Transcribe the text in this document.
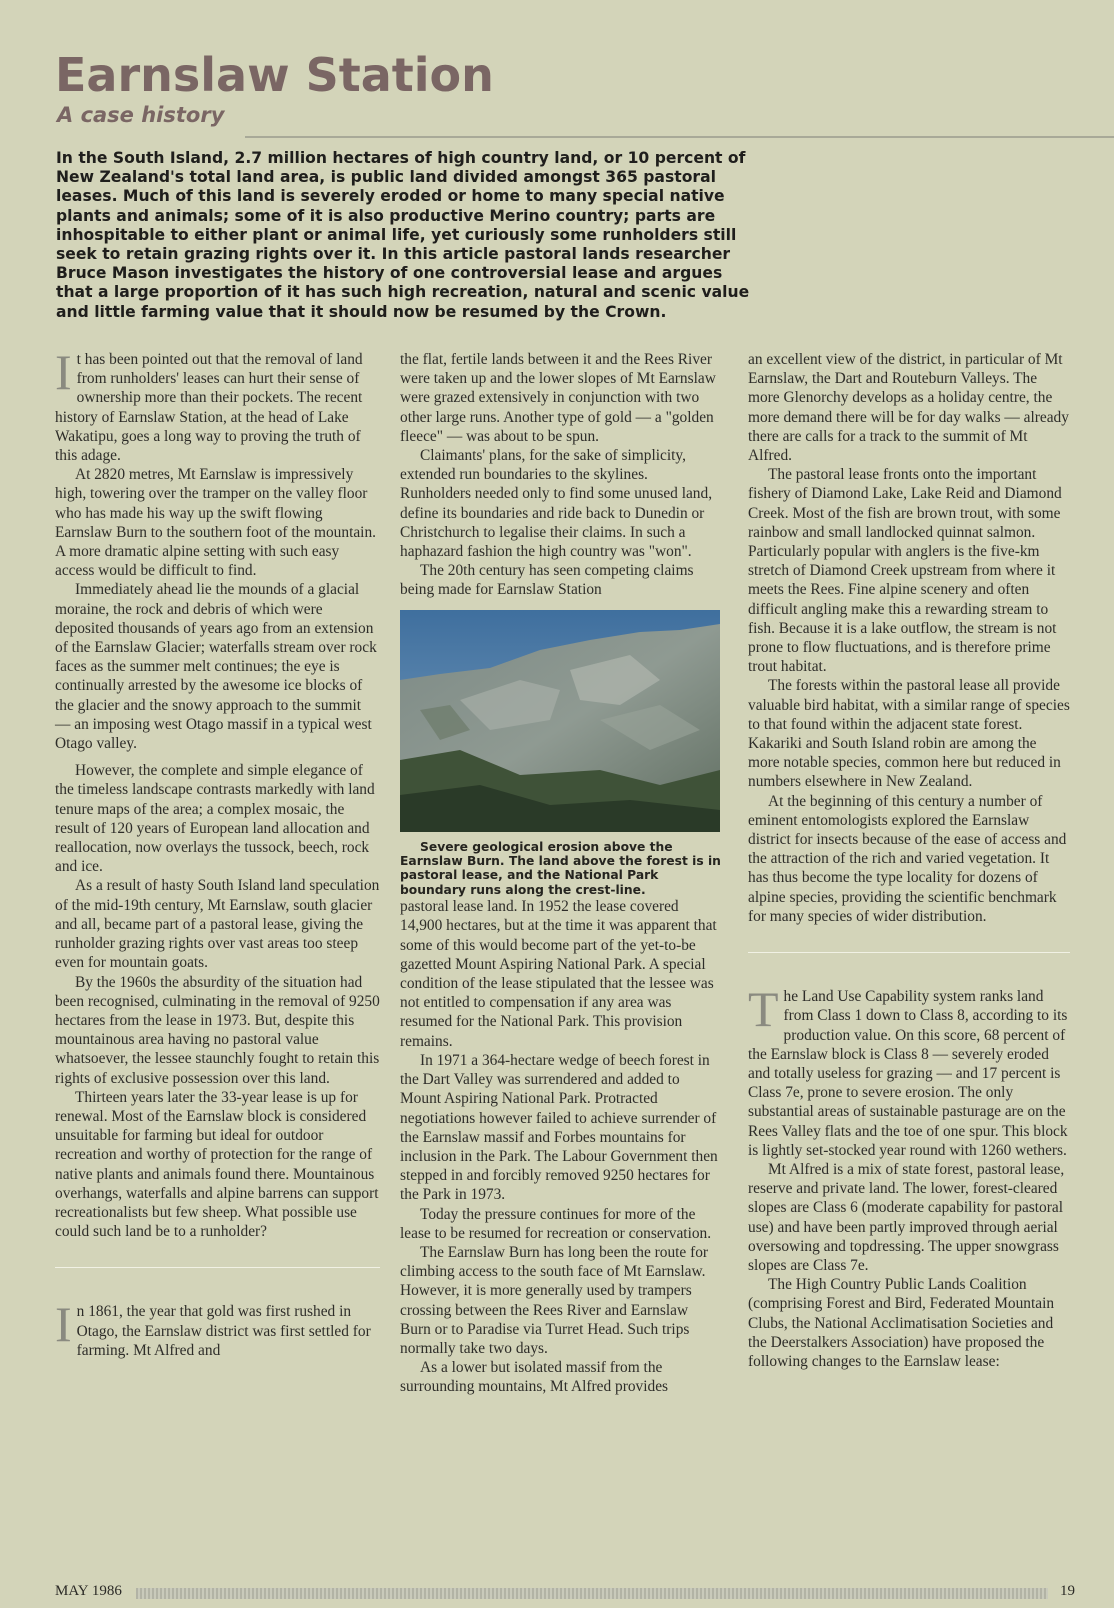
Earnslaw Station
A case history

In the South Island, 2.7 million hectares of high country land, or 10 percent of New Zealand's total land area, is public land divided amongst 365 pastoral leases. Much of this land is severely eroded or home to many special native plants and animals; some of it is also productive Merino country; parts are inhospitable to either plant or animal life, yet curiously some runholders still seek to retain grazing rights over it. In this article pastoral lands researcher Bruce Mason investigates the history of one controversial lease and argues that a large proportion of it has such high recreation, natural and scenic value and little farming value that it should now be resumed by the Crown.

It has been pointed out that the removal of land from runholders' leases can hurt their sense of ownership more than their pockets. The recent history of Earnslaw Station, at the head of Lake Wakatipu, goes a long way to proving the truth of this adage.

At 2820 metres, Mt Earnslaw is impressively high, towering over the tramper on the valley floor who has made his way up the swift flowing Earnslaw Burn to the southern foot of the mountain. A more dramatic alpine setting with such easy access would be difficult to find.

Immediately ahead lie the mounds of a glacial moraine, the rock and debris of which were deposited thousands of years ago from an extension of the Earnslaw Glacier; waterfalls stream over rock faces as the summer melt continues; the eye is continually arrested by the awesome ice blocks of the glacier and the snowy approach to the summit — an imposing west Otago massif in a typical west Otago valley.

However, the complete and simple elegance of the timeless landscape contrasts markedly with land tenure maps of the area; a complex mosaic, the result of 120 years of European land allocation and reallocation, now overlays the tussock, beech, rock and ice.

As a result of hasty South Island land speculation of the mid-19th century, Mt Earnslaw, south glacier and all, became part of a pastoral lease, giving the runholder grazing rights over vast areas too steep even for mountain goats.

By the 1960s the absurdity of the situation had been recognised, culminating in the removal of 9250 hectares from the lease in 1973. But, despite this mountainous area having no pastoral value whatsoever, the lessee staunchly fought to retain this rights of exclusive possession over this land.

Thirteen years later the 33-year lease is up for renewal. Most of the Earnslaw block is considered unsuitable for farming but ideal for outdoor recreation and worthy of protection for the range of native plants and animals found there. Mountainous overhangs, waterfalls and alpine barrens can support recreationalists but few sheep. What possible use could such land be to a runholder?

In 1861, the year that gold was first rushed in Otago, the Earnslaw district was first settled for farming. Mt Alfred and

the flat, fertile lands between it and the Rees River were taken up and the lower slopes of Mt Earnslaw were grazed extensively in conjunction with two other large runs. Another type of gold — a "golden fleece" — was about to be spun.

Claimants' plans, for the sake of simplicity, extended run boundaries to the skylines. Runholders needed only to find some unused land, define its boundaries and ride back to Dunedin or Christchurch to legalise their claims. In such a haphazard fashion the high country was "won".

The 20th century has seen competing claims being made for Earnslaw Station

Severe geological erosion above the Earnslaw Burn. The land above the forest is in pastoral lease, and the National Park boundary runs along the crest-line.

pastoral lease land. In 1952 the lease covered 14,900 hectares, but at the time it was apparent that some of this would become part of the yet-to-be gazetted Mount Aspiring National Park. A special condition of the lease stipulated that the lessee was not entitled to compensation if any area was resumed for the National Park. This provision remains.

In 1971 a 364-hectare wedge of beech forest in the Dart Valley was surrendered and added to Mount Aspiring National Park. Protracted negotiations however failed to achieve surrender of the Earnslaw massif and Forbes mountains for inclusion in the Park. The Labour Government then stepped in and forcibly removed 9250 hectares for the Park in 1973.

Today the pressure continues for more of the lease to be resumed for recreation or conservation.

The Earnslaw Burn has long been the route for climbing access to the south face of Mt Earnslaw. However, it is more generally used by trampers crossing between the Rees River and Earnslaw Burn or to Paradise via Turret Head. Such trips normally take two days.

As a lower but isolated massif from the surrounding mountains, Mt Alfred provides

an excellent view of the district, in particular of Mt Earnslaw, the Dart and Routeburn Valleys. The more Glenorchy develops as a holiday centre, the more demand there will be for day walks — already there are calls for a track to the summit of Mt Alfred.

The pastoral lease fronts onto the important fishery of Diamond Lake, Lake Reid and Diamond Creek. Most of the fish are brown trout, with some rainbow and small landlocked quinnat salmon. Particularly popular with anglers is the five-km stretch of Diamond Creek upstream from where it meets the Rees. Fine alpine scenery and often difficult angling make this a rewarding stream to fish. Because it is a lake outflow, the stream is not prone to flow fluctuations, and is therefore prime trout habitat.

The forests within the pastoral lease all provide valuable bird habitat, with a similar range of species to that found within the adjacent state forest. Kakariki and South Island robin are among the more notable species, common here but reduced in numbers elsewhere in New Zealand.

At the beginning of this century a number of eminent entomologists explored the Earnslaw district for insects because of the ease of access and the attraction of the rich and varied vegetation. It has thus become the type locality for dozens of alpine species, providing the scientific benchmark for many species of wider distribution.

The Land Use Capability system ranks land from Class 1 down to Class 8, according to its production value. On this score, 68 percent of the Earnslaw block is Class 8 — severely eroded and totally useless for grazing — and 17 percent is Class 7e, prone to severe erosion. The only substantial areas of sustainable pasturage are on the Rees Valley flats and the toe of one spur. This block is lightly set-stocked year round with 1260 wethers.

Mt Alfred is a mix of state forest, pastoral lease, reserve and private land. The lower, forest-cleared slopes are Class 6 (moderate capability for pastoral use) and have been partly improved through aerial oversowing and topdressing. The upper snowgrass slopes are Class 7e.

The High Country Public Lands Coalition (comprising Forest and Bird, Federated Mountain Clubs, the National Acclimatisation Societies and the Deerstalkers Association) have proposed the following changes to the Earnslaw lease:

MAY 1986	19
